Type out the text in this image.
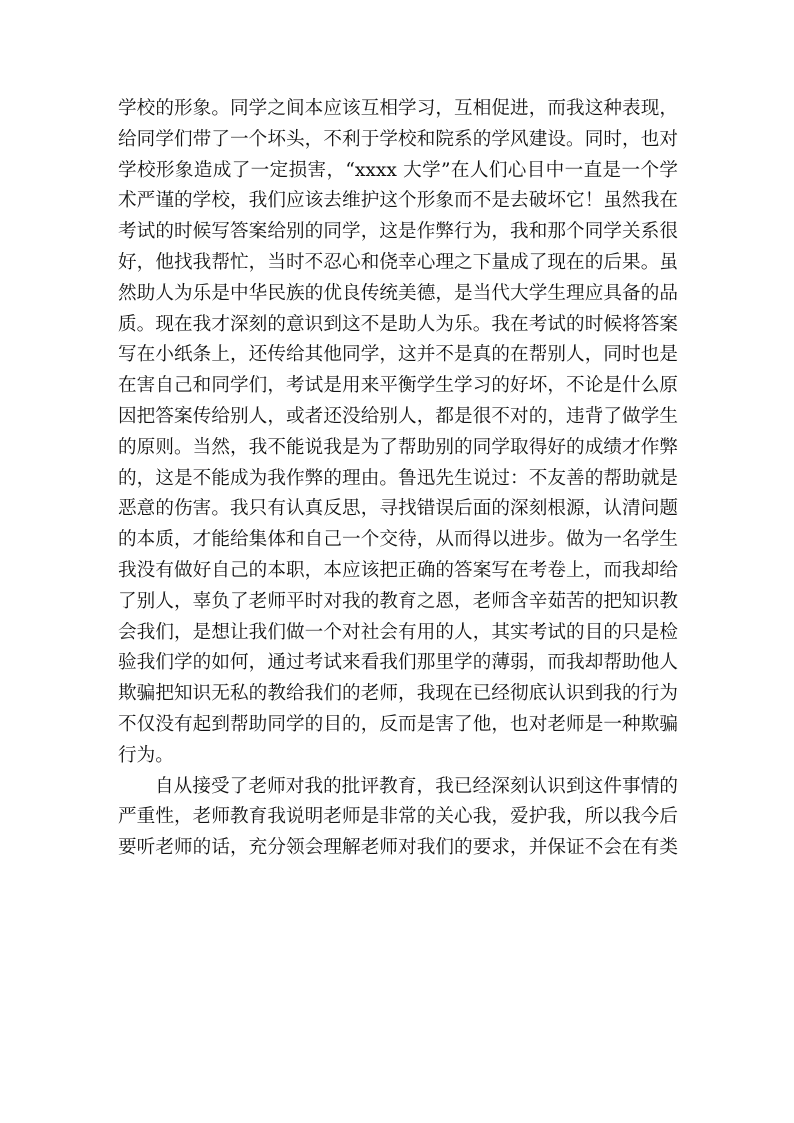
学校的形象。同学之间本应该互相学习，互相促进，而我这种表现，
给同学们带了一个坏头，不利于学校和院系的学风建设。同时，也对
学校形象造成了一定损害，“xxxx 大学”在人们心目中一直是一个学
术严谨的学校，我们应该去维护这个形象而不是去破坏它！虽然我在
考试的时候写答案给别的同学，这是作弊行为，我和那个同学关系很
好，他找我帮忙，当时不忍心和侥幸心理之下量成了现在的后果。虽
然助人为乐是中华民族的优良传统美德，是当代大学生理应具备的品
质。现在我才深刻的意识到这不是助人为乐。我在考试的时候将答案
写在小纸条上，还传给其他同学，这并不是真的在帮别人，同时也是
在害自己和同学们，考试是用来平衡学生学习的好坏，不论是什么原
因把答案传给别人，或者还没给别人，都是很不对的，违背了做学生
的原则。当然，我不能说我是为了帮助别的同学取得好的成绩才作弊
的，这是不能成为我作弊的理由。鲁迅先生说过：不友善的帮助就是
恶意的伤害。我只有认真反思，寻找错误后面的深刻根源，认清问题
的本质，才能给集体和自己一个交待，从而得以进步。做为一名学生
我没有做好自己的本职，本应该把正确的答案写在考卷上，而我却给
了别人，辜负了老师平时对我的教育之恩，老师含辛茹苦的把知识教
会我们，是想让我们做一个对社会有用的人，其实考试的目的只是检
验我们学的如何，通过考试来看我们那里学的薄弱，而我却帮助他人
欺骗把知识无私的教给我们的老师，我现在已经彻底认识到我的行为
不仅没有起到帮助同学的目的，反而是害了他，也对老师是一种欺骗
行为。
自从接受了老师对我的批评教育，我已经深刻认识到这件事情的
严重性，老师教育我说明老师是非常的关心我，爱护我，所以我今后
要听老师的话，充分领会理解老师对我们的要求，并保证不会在有类
